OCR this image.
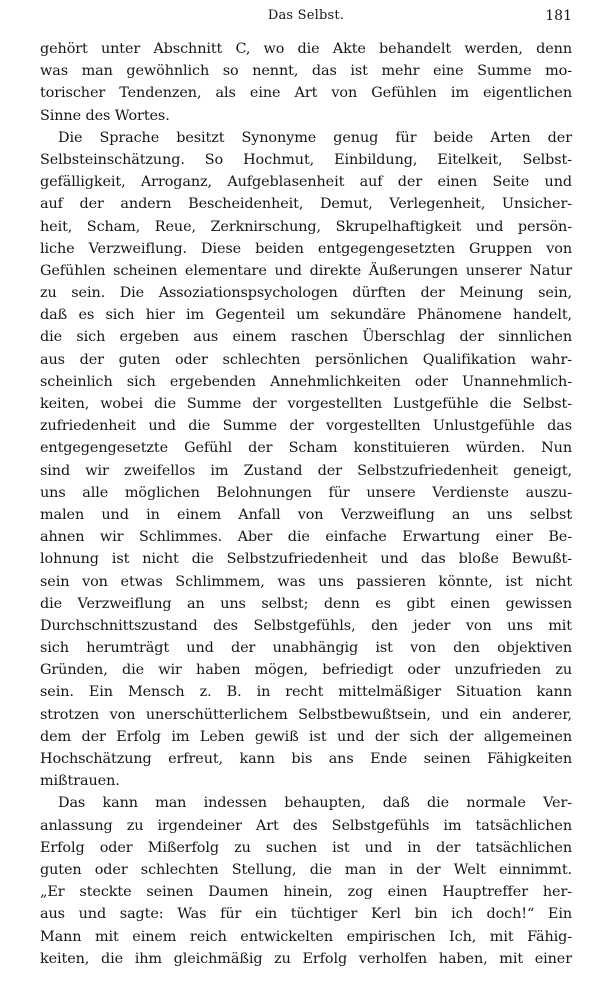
Das Selbst.	181
gehört unter Abschnitt C, wo die Akte behandelt werden, denn
was man gewöhnlich so nennt, das ist mehr eine Summe mo-
torischer Tendenzen, als eine Art von Gefühlen im eigentlichen
Sinne des Wortes.
Die Sprache besitzt Synonyme genug für beide Arten der
Selbsteinschätzung. So Hochmut, Einbildung, Eitelkeit, Selbst-
gefälligkeit, Arroganz, Aufgeblasenheit auf der einen Seite und
auf der andern Bescheidenheit, Demut, Verlegenheit, Unsicher-
heit, Scham, Reue, Zerknirschung, Skrupelhaftigkeit und persön-
liche Verzweiflung. Diese beiden entgegengesetzten Gruppen von
Gefühlen scheinen elementare und direkte Äußerungen unserer Natur
zu sein. Die Assoziationspsychologen dürften der Meinung sein,
daß es sich hier im Gegenteil um sekundäre Phänomene handelt,
die sich ergeben aus einem raschen Überschlag der sinnlichen
aus der guten oder schlechten persönlichen Qualifikation wahr-
scheinlich sich ergebenden Annehmlichkeiten oder Unannehmlich-
keiten, wobei die Summe der vorgestellten Lustgefühle die Selbst-
zufriedenheit und die Summe der vorgestellten Unlustgefühle das
entgegengesetzte Gefühl der Scham konstituieren würden. Nun
sind wir zweifellos im Zustand der Selbstzufriedenheit geneigt,
uns alle möglichen Belohnungen für unsere Verdienste auszu-
malen und in einem Anfall von Verzweiflung an uns selbst
ahnen wir Schlimmes. Aber die einfache Erwartung einer Be-
lohnung ist nicht die Selbstzufriedenheit und das bloße Bewußt-
sein von etwas Schlimmem, was uns passieren könnte, ist nicht
die Verzweiflung an uns selbst; denn es gibt einen gewissen
Durchschnittszustand des Selbstgefühls, den jeder von uns mit
sich herumträgt und der unabhängig ist von den objektiven
Gründen, die wir haben mögen, befriedigt oder unzufrieden zu
sein. Ein Mensch z. B. in recht mittelmäßiger Situation kann
strotzen von unerschütterlichem Selbstbewußtsein, und ein anderer,
dem der Erfolg im Leben gewiß ist und der sich der allgemeinen
Hochschätzung erfreut, kann bis ans Ende seinen Fähigkeiten
mißtrauen.
Das kann man indessen behaupten, daß die normale Ver-
anlassung zu irgendeiner Art des Selbstgefühls im tatsächlichen
Erfolg oder Mißerfolg zu suchen ist und in der tatsächlichen
guten oder schlechten Stellung, die man in der Welt einnimmt.
„Er steckte seinen Daumen hinein, zog einen Hauptreffer her-
aus und sagte: Was für ein tüchtiger Kerl bin ich doch!“ Ein
Mann mit einem reich entwickelten empirischen Ich, mit Fähig-
keiten, die ihm gleichmäßig zu Erfolg verholfen haben, mit einer
